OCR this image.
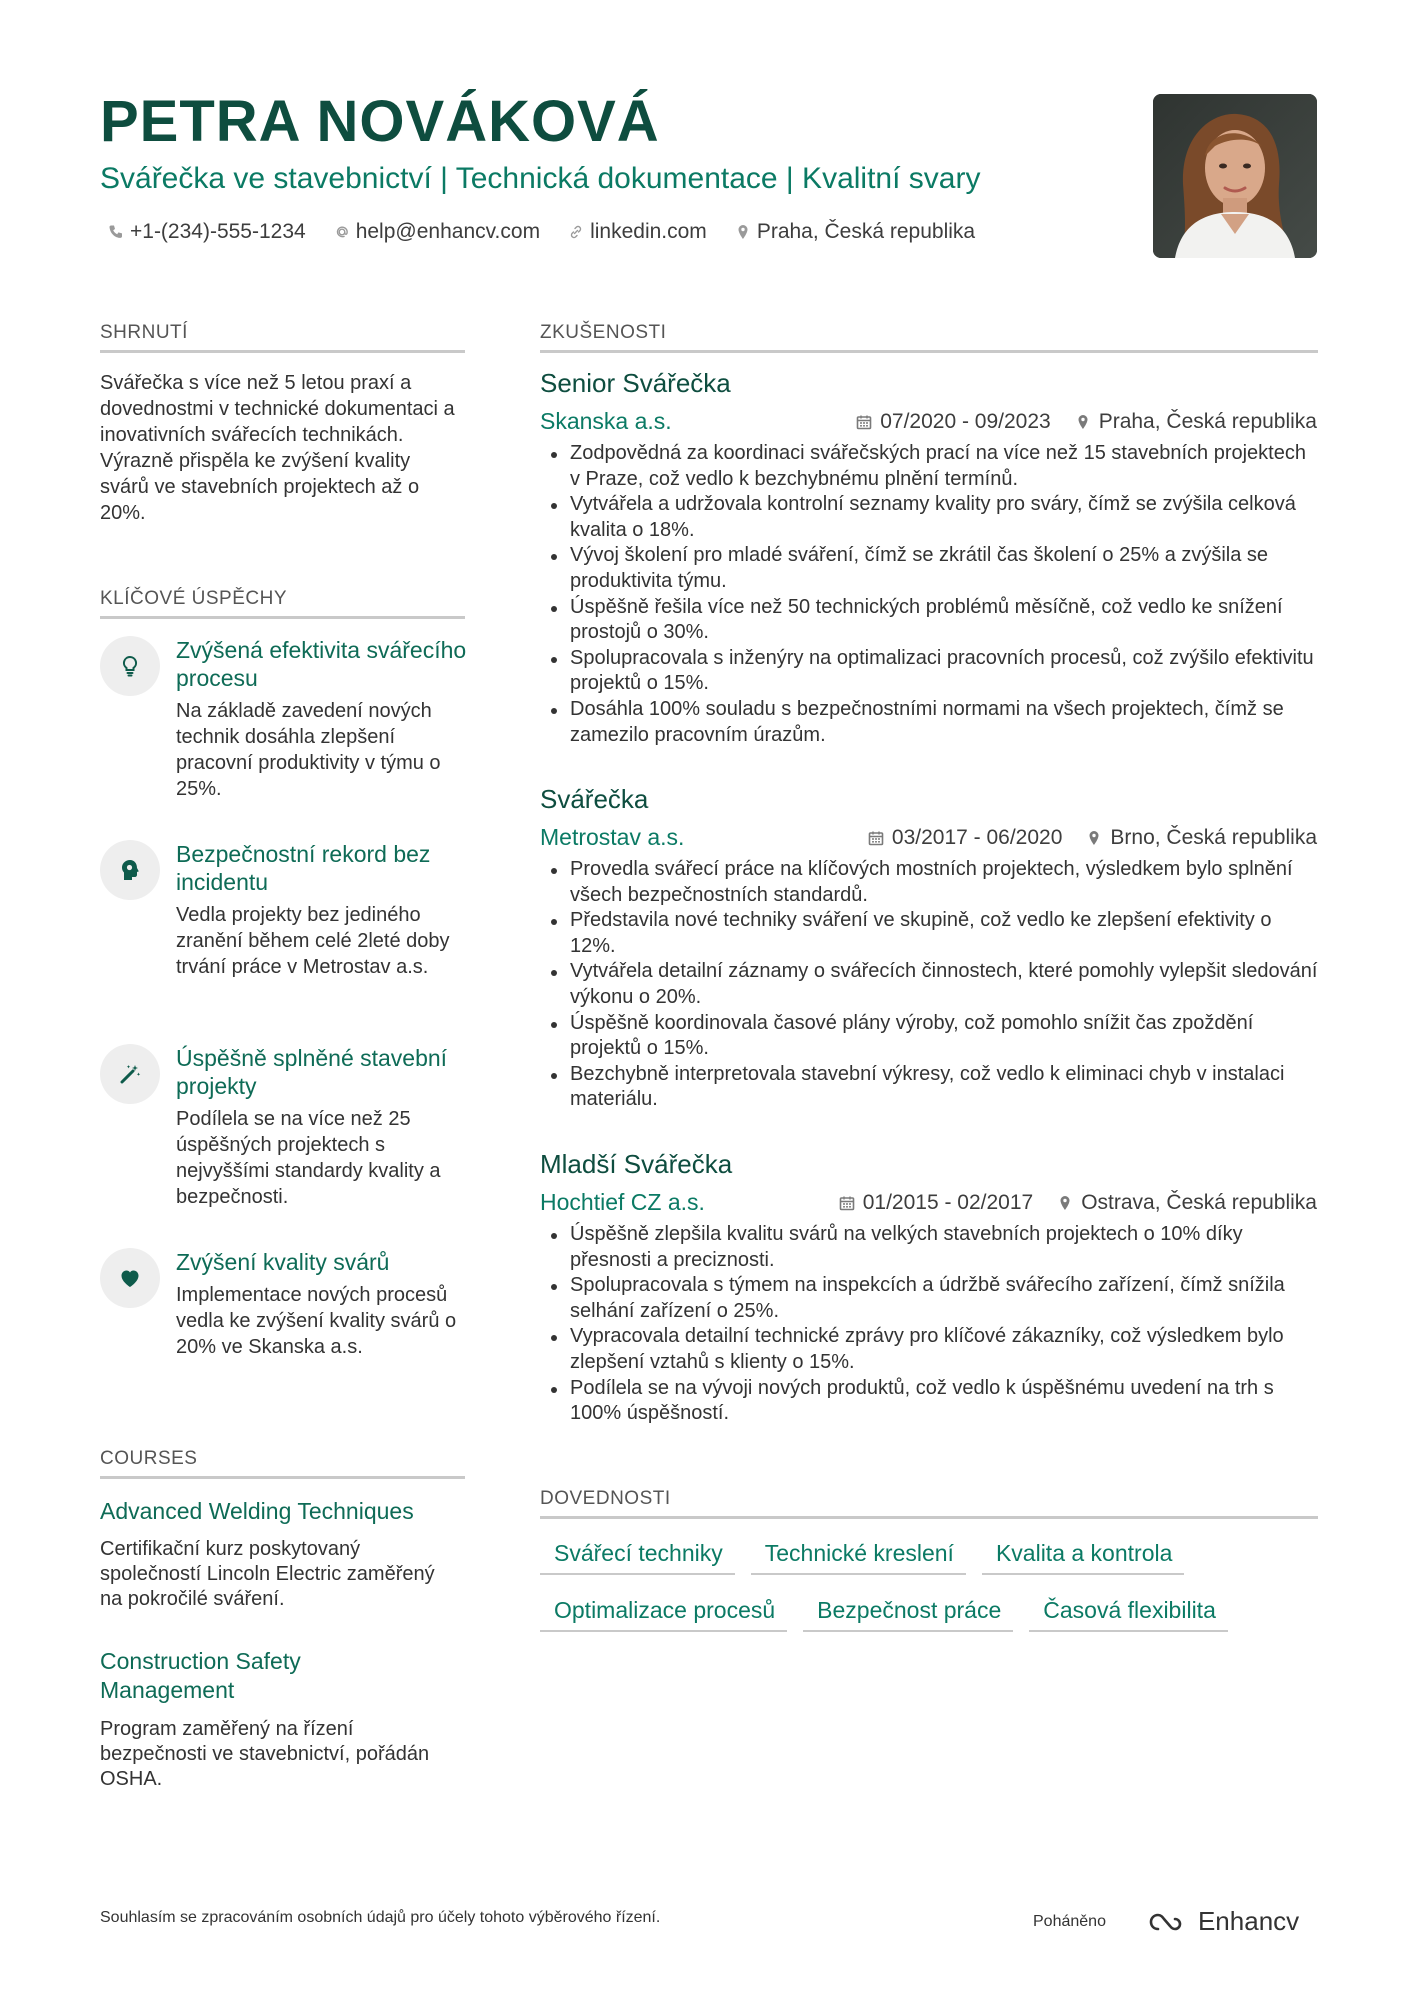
PETRA NOVÁKOVÁ
Svářečka ve stavebnictví | Technická dokumentace | Kvalitní svary
+1-(234)-555-1234 help@enhancv.com linkedin.com Praha, Česká republika
SHRNUTÍ
Svářečka s více než 5 letou praxí a dovednostmi v technické dokumentaci a inovativních svářecích technikách. Výrazně přispěla ke zvýšení kvality svárů ve stavebních projektech až o 20%.
KLÍČOVÉ ÚSPĚCHY
Zvýšená efektivita svářecího procesu
Na základě zavedení nových technik dosáhla zlepšení pracovní produktivity v týmu o 25%.
Bezpečnostní rekord bez incidentu
Vedla projekty bez jediného zranění během celé 2leté doby trvání práce v Metrostav a.s.
Úspěšně splněné stavební projekty
Podílela se na více než 25 úspěšných projektech s nejvyššími standardy kvality a bezpečnosti.
Zvýšení kvality svárů
Implementace nových procesů vedla ke zvýšení kvality svárů o 20% ve Skanska a.s.
COURSES
Advanced Welding Techniques
Certifikační kurz poskytovaný společností Lincoln Electric zaměřený na pokročilé sváření.
Construction Safety Management
Program zaměřený na řízení bezpečnosti ve stavebnictví, pořádán OSHA.
ZKUŠENOSTI
Senior Svářečka
Skanska a.s.	07/2020 - 09/2023 Praha, Česká republika
Zodpovědná za koordinaci svářečských prací na více než 15 stavebních projektech v Praze, což vedlo k bezchybnému plnění termínů.
Vytvářela a udržovala kontrolní seznamy kvality pro sváry, čímž se zvýšila celková kvalita o 18%.
Vývoj školení pro mladé sváření, čímž se zkrátil čas školení o 25% a zvýšila se produktivita týmu.
Úspěšně řešila více než 50 technických problémů měsíčně, což vedlo ke snížení prostojů o 30%.
Spolupracovala s inženýry na optimalizaci pracovních procesů, což zvýšilo efektivitu projektů o 15%.
Dosáhla 100% souladu s bezpečnostními normami na všech projektech, čímž se zamezilo pracovním úrazům.
Svářečka
Metrostav a.s.	03/2017 - 06/2020 Brno, Česká republika
Provedla svářecí práce na klíčových mostních projektech, výsledkem bylo splnění všech bezpečnostních standardů.
Představila nové techniky sváření ve skupině, což vedlo ke zlepšení efektivity o 12%.
Vytvářela detailní záznamy o svářecích činnostech, které pomohly vylepšit sledování výkonu o 20%.
Úspěšně koordinovala časové plány výroby, což pomohlo snížit čas zpoždění projektů o 15%.
Bezchybně interpretovala stavební výkresy, což vedlo k eliminaci chyb v instalaci materiálu.
Mladší Svářečka
Hochtief CZ a.s.	01/2015 - 02/2017 Ostrava, Česká republika
Úspěšně zlepšila kvalitu svárů na velkých stavebních projektech o 10% díky přesnosti a preciznosti.
Spolupracovala s týmem na inspekcích a údržbě svářecího zařízení, čímž snížila selhání zařízení o 25%.
Vypracovala detailní technické zprávy pro klíčové zákazníky, což výsledkem bylo zlepšení vztahů s klienty o 15%.
Podílela se na vývoji nových produktů, což vedlo k úspěšnému uvedení na trh s 100% úspěšností.
DOVEDNOSTI
Svářecí techniky	Technické kreslení	Kvalita a kontrola
Optimalizace procesů	Bezpečnost práce	Časová flexibilita
Souhlasím se zpracováním osobních údajů pro účely tohoto výběrového řízení.	Poháněno	Enhancv
